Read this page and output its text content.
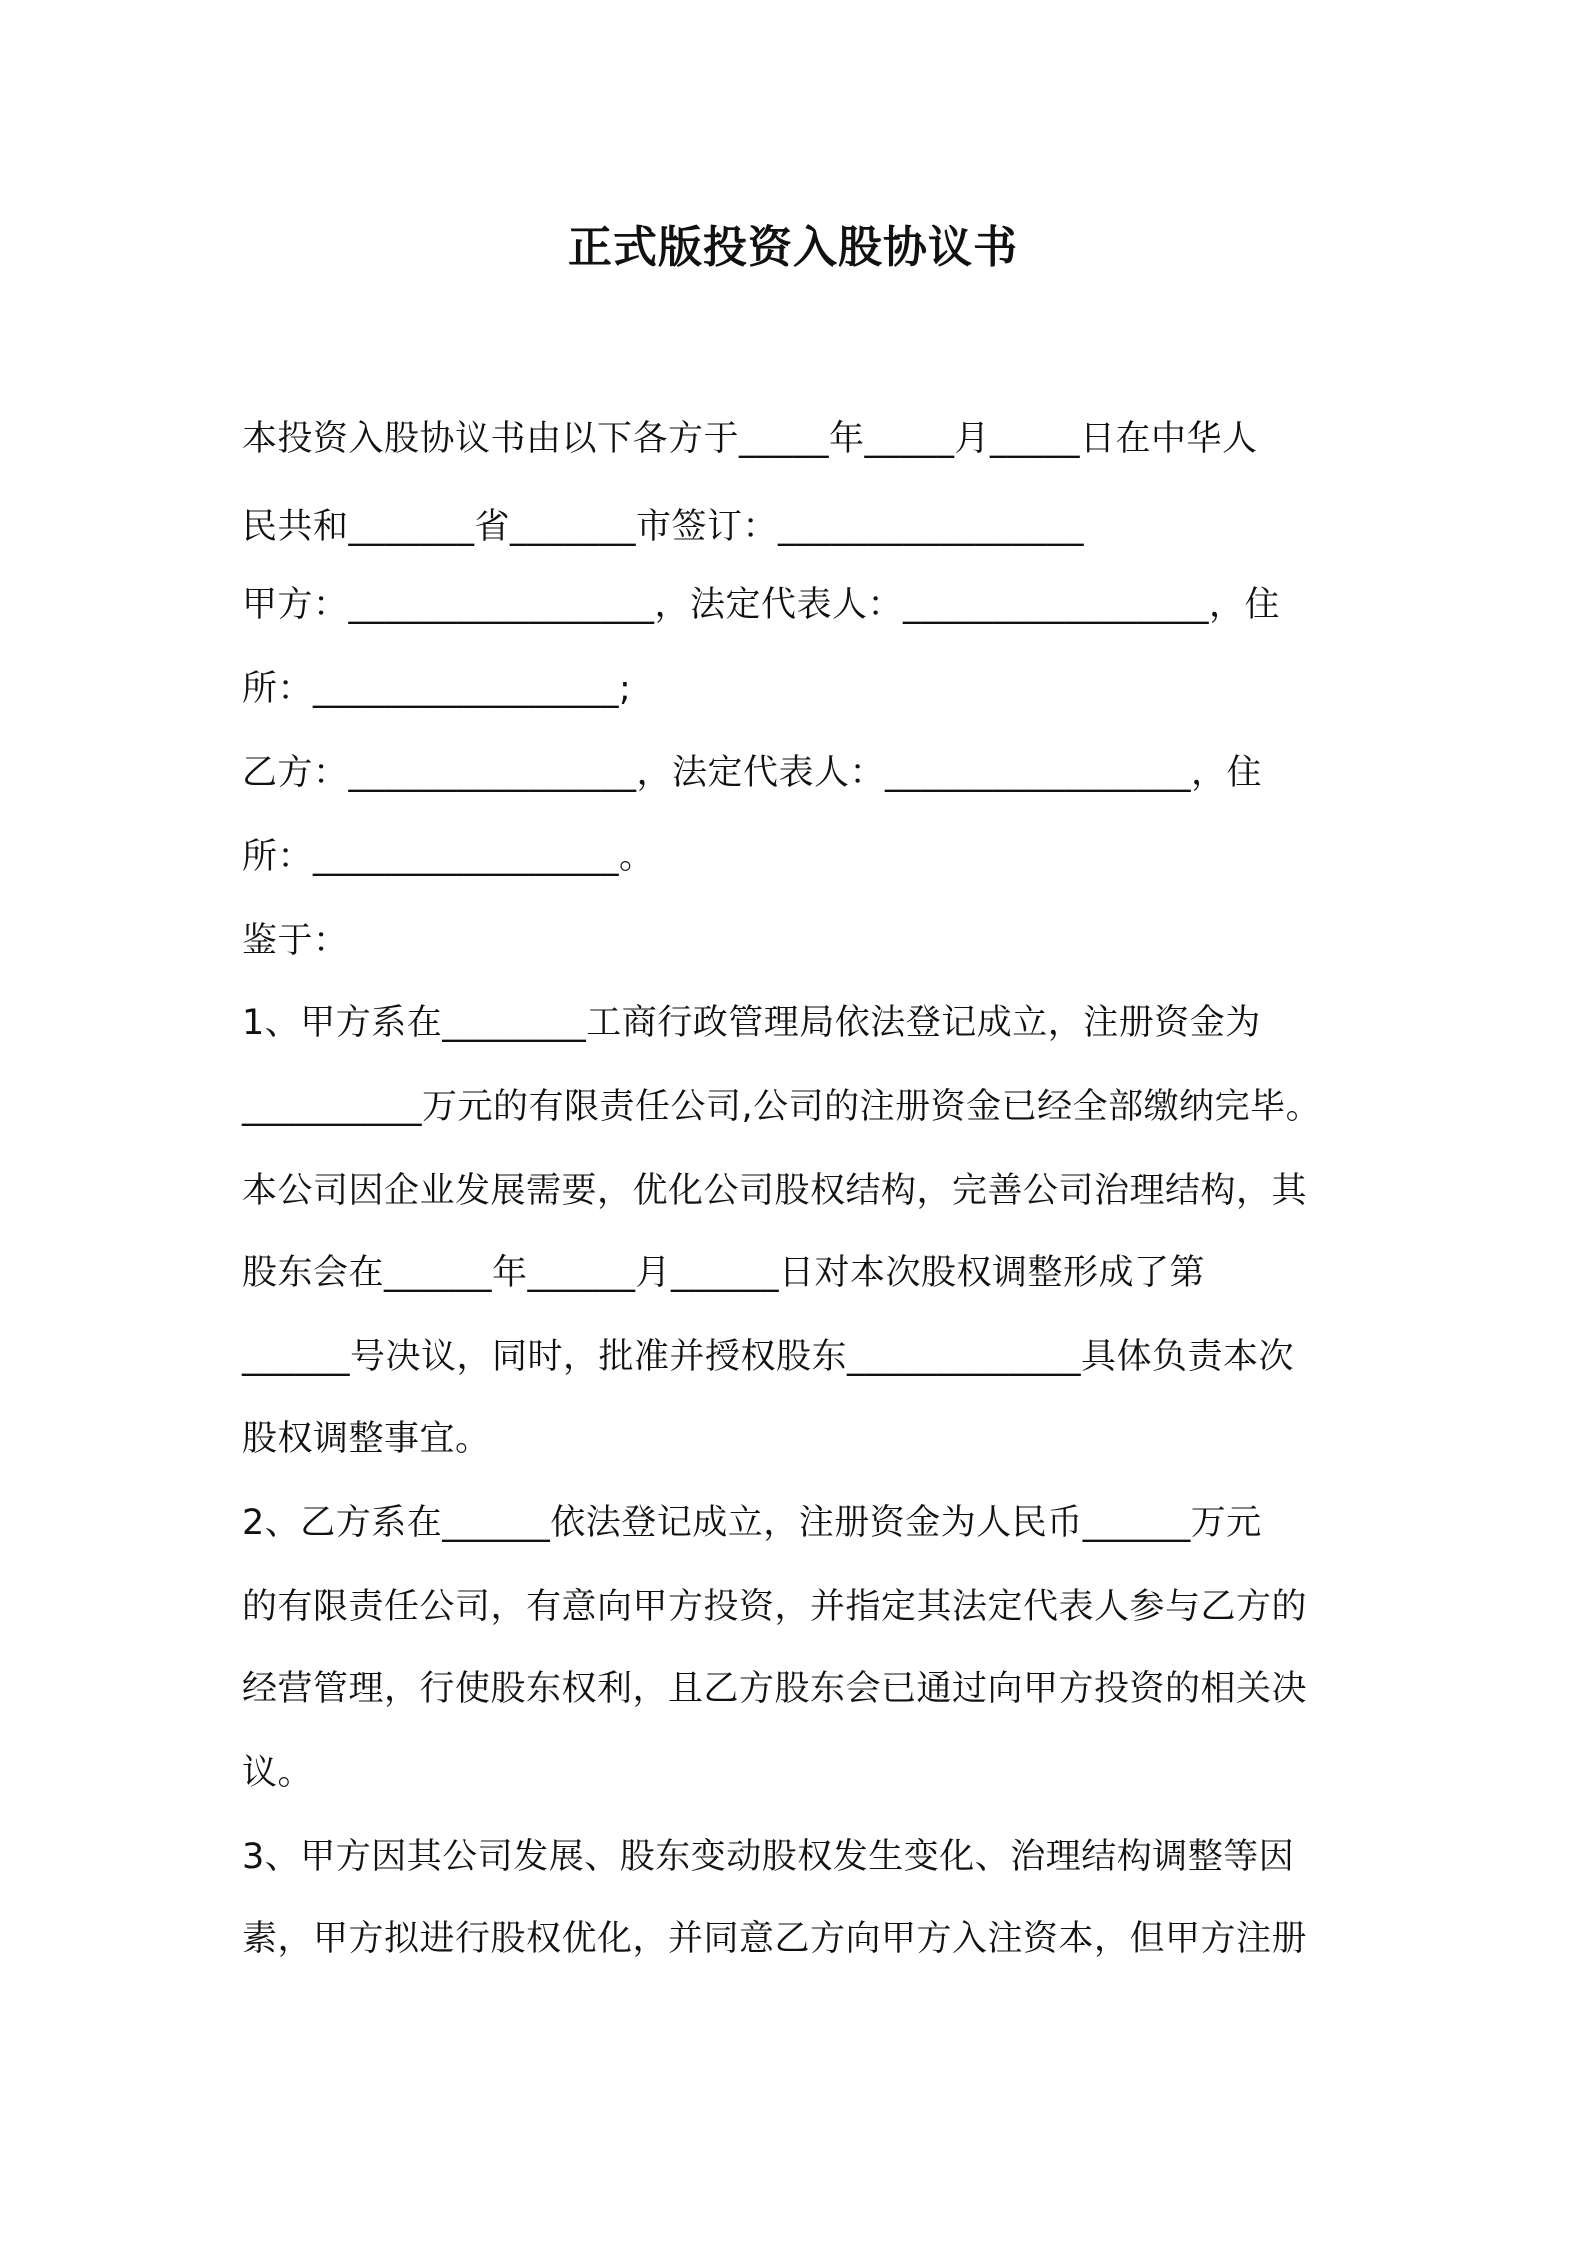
正式版投资入股协议书
本投资入股协议书由以下各方于_____年_____月_____日在中华人
民共和_______省_______市签订：_________________
甲方：_________________，法定代表人：_________________，住
所：_________________;
乙方：________________，法定代表人：_________________，住
所：_________________。
鉴于：
1、甲方系在________工商行政管理局依法登记成立，注册资金为
__________万元的有限责任公司,公司的注册资金已经全部缴纳完毕。
本公司因企业发展需要，优化公司股权结构，完善公司治理结构，其
股东会在______年______月______日对本次股权调整形成了第
______号决议，同时，批准并授权股东_____________具体负责本次
股权调整事宜。
2、乙方系在______依法登记成立，注册资金为人民币______万元
的有限责任公司，有意向甲方投资，并指定其法定代表人参与乙方的
经营管理，行使股东权利，且乙方股东会已通过向甲方投资的相关决
议。
3、甲方因其公司发展、股东变动股权发生变化、治理结构调整等因
素，甲方拟进行股权优化，并同意乙方向甲方入注资本，但甲方注册
